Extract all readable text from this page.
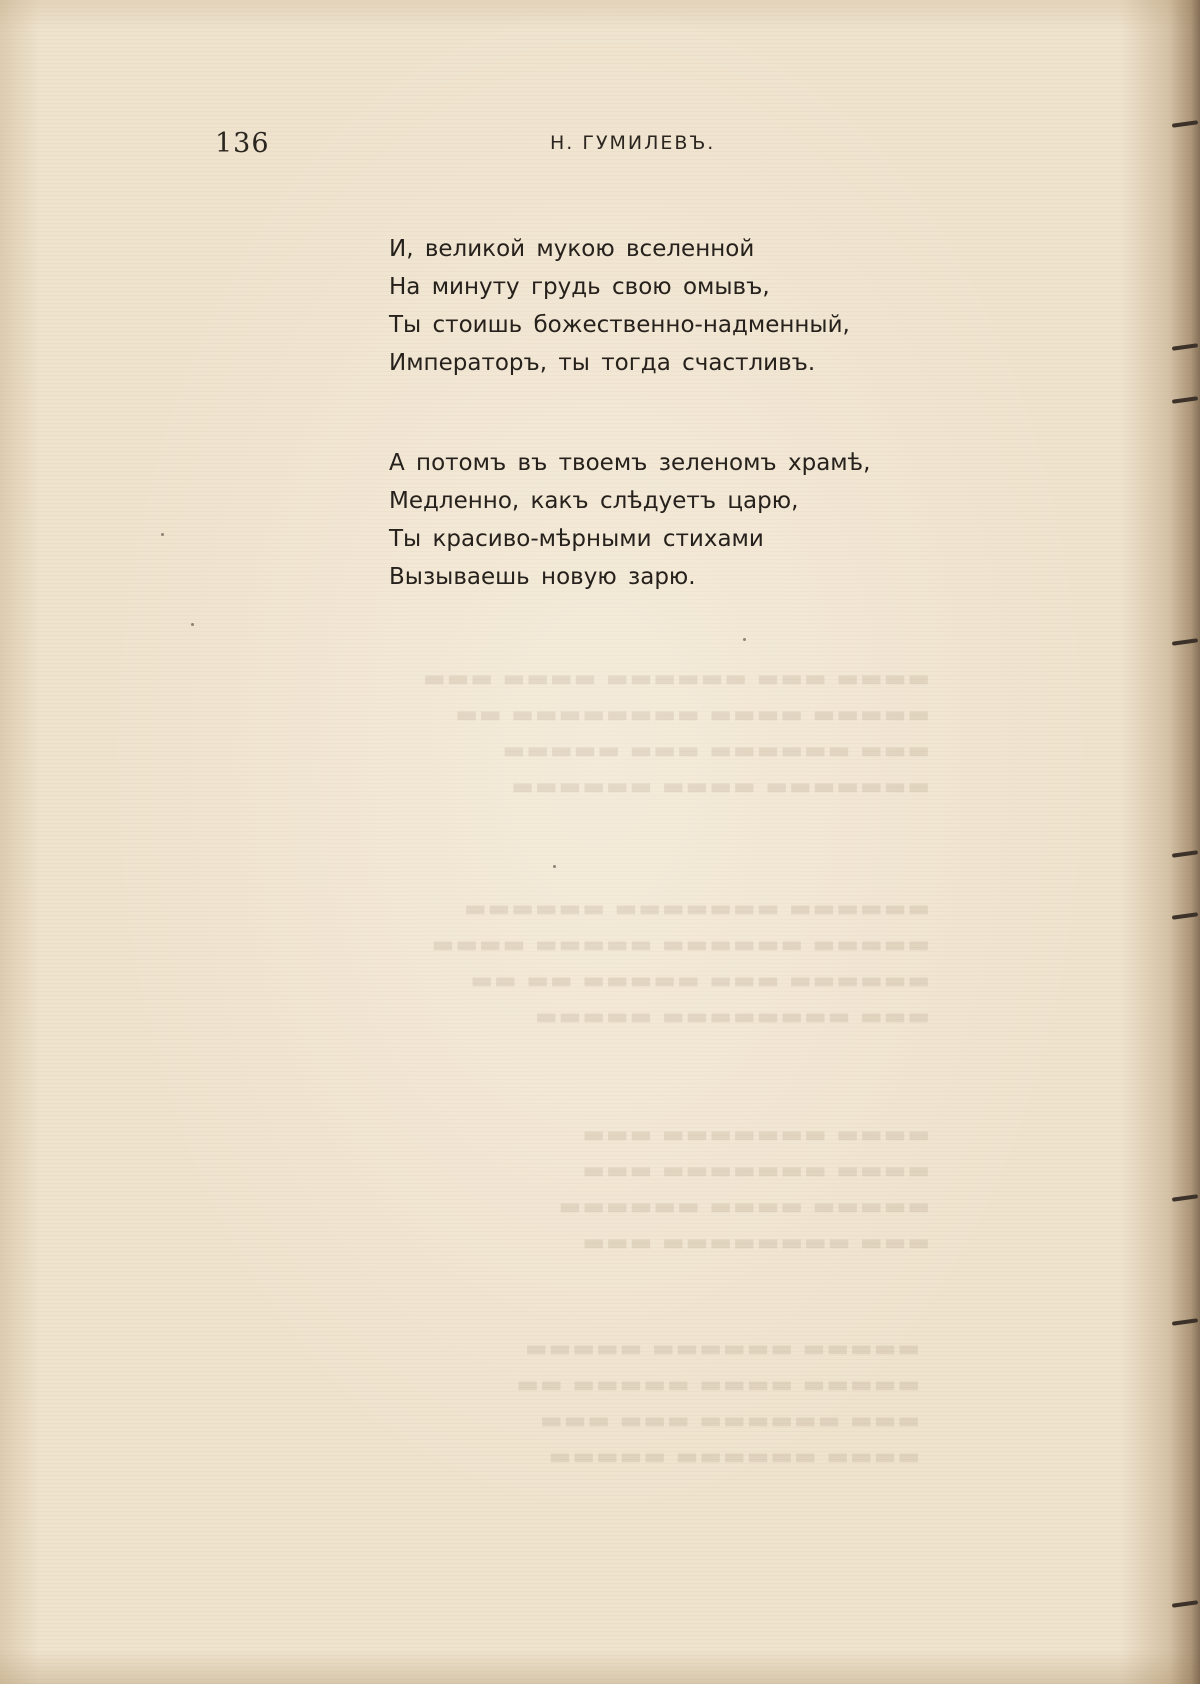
▬▬▬▬ ▬▬▬ ▬▬▬▬▬▬ ▬▬▬▬ ▬▬▬
▬▬▬▬▬ ▬▬▬▬ ▬▬▬▬▬▬▬▬ ▬▬
▬▬▬ ▬▬▬▬▬▬ ▬▬▬ ▬▬▬▬▬
▬▬▬▬▬▬▬ ▬▬▬▬ ▬▬▬▬▬▬
▬▬▬▬▬▬ ▬▬▬▬▬▬▬ ▬▬▬▬▬▬
▬▬▬▬▬ ▬▬▬▬▬▬ ▬▬▬▬▬ ▬▬▬▬
▬▬▬▬▬▬ ▬▬▬ ▬▬▬▬▬ ▬▬ ▬▬
▬▬▬ ▬▬▬▬▬▬▬▬ ▬▬▬▬▬
▬▬▬▬ ▬▬▬▬▬▬▬ ▬▬▬
▬▬▬▬ ▬▬▬▬▬▬▬ ▬▬▬
▬▬▬▬▬ ▬▬▬▬ ▬▬▬▬▬▬
▬▬▬ ▬▬▬▬▬▬▬▬ ▬▬▬
▬▬▬▬▬ ▬▬▬▬▬▬ ▬▬▬▬▬
▬▬▬▬▬ ▬▬▬▬ ▬▬▬▬▬ ▬▬
▬▬▬ ▬▬▬▬▬▬ ▬▬▬ ▬▬▬
▬▬▬▬ ▬▬▬▬▬▬ ▬▬▬▬▬
136	Н. ГУМИЛЕВЪ.
И, великой мукою вселенной
На минуту грудь свою омывъ,
Ты стоишь божественно-надменный,
Императоръ, ты тогда счастливъ.
А потомъ въ твоемъ зеленомъ храмѣ,
Медленно, какъ слѣдуетъ царю,
Ты красиво-мѣрными стихами
Вызываешь новую зарю.
